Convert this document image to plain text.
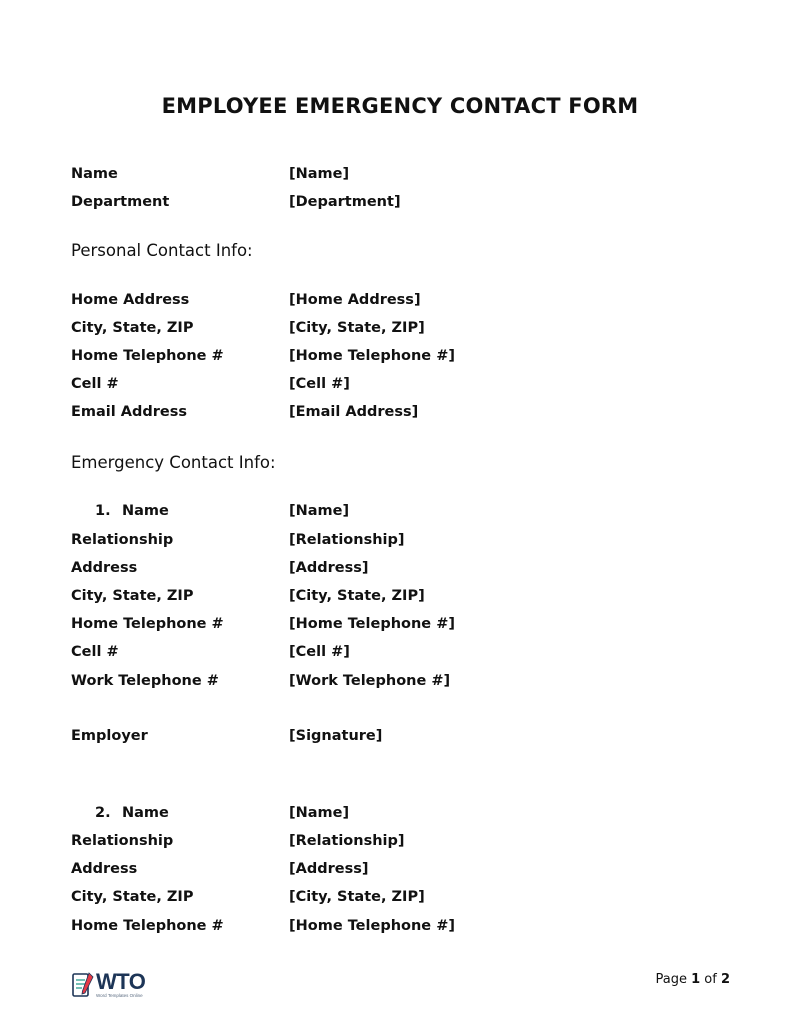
EMPLOYEE EMERGENCY CONTACT FORM
Name	[Name]
Department	[Department]
Personal Contact Info:
Home Address	[Home Address]
City, State, ZIP	[City, State, ZIP]
Home Telephone #	[Home Telephone #]
Cell #	[Cell #]
Email Address	[Email Address]
Emergency Contact Info:
1. Name	[Name]
Relationship	[Relationship]
Address	[Address]
City, State, ZIP	[City, State, ZIP]
Home Telephone #	[Home Telephone #]
Cell #	[Cell #]
Work Telephone #	[Work Telephone #]
Employer	[Signature]
2. Name	[Name]
Relationship	[Relationship]
Address	[Address]
City, State, ZIP	[City, State, ZIP]
Home Telephone #	[Home Telephone #]
WTO
Word Templates Online
Page 1 of 2
